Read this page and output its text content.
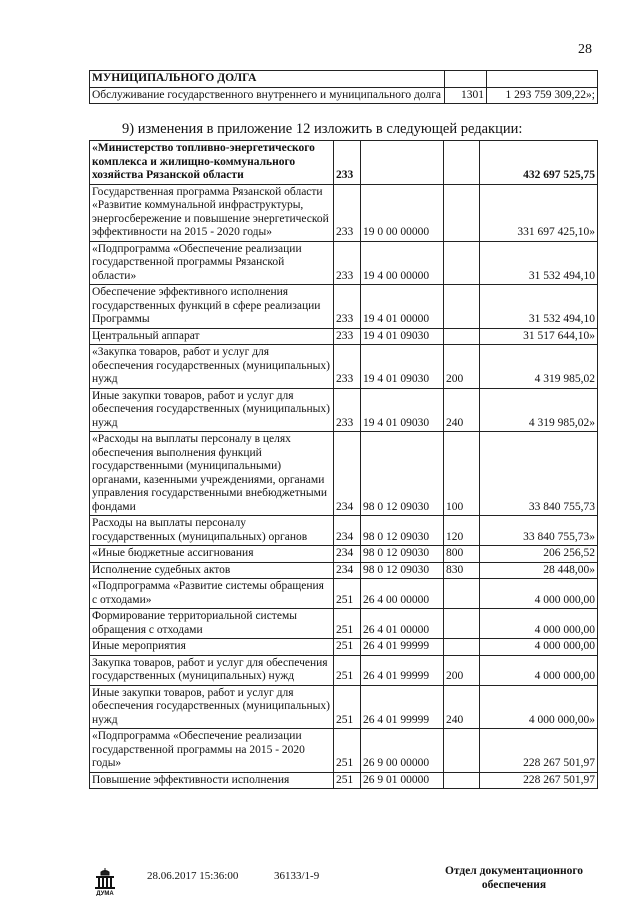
28
МУНИЦИПАЛЬНОГО ДОЛГА		
Обслуживание государственного внутреннего и муниципального долга	1301	1 293 759 309,22»;
9) изменения в приложение 12 изложить в следующей редакции:
«Министерство топливно-энергетического комплекса и жилищно-коммунального хозяйства Рязанской области	233			432 697 525,75
Государственная программа Рязанской области «Развитие коммунальной инфраструктуры, энергосбережение и повышение энергетической эффективности на 2015 - 2020 годы»	233	19 0 00 00000		331 697 425,10»
«Подпрограмма «Обеспечение реализации государственной программы Рязанской области»	233	19 4 00 00000		31 532 494,10
Обеспечение эффективного исполнения государственных функций в сфере реализации Программы	233	19 4 01 00000		31 532 494,10
Центральный аппарат	233	19 4 01 09030		31 517 644,10»
«Закупка товаров, работ и услуг для обеспечения государственных (муниципальных) нужд	233	19 4 01 09030	200	4 319 985,02
Иные закупки товаров, работ и услуг для обеспечения государственных (муниципальных) нужд	233	19 4 01 09030	240	4 319 985,02»
«Расходы на выплаты персоналу в целях обеспечения выполнения функций государственными (муниципальными) органами, казенными учреждениями, органами управления государственными внебюджетными фондами	234	98 0 12 09030	100	33 840 755,73
Расходы на выплаты персоналу государственных (муниципальных) органов	234	98 0 12 09030	120	33 840 755,73»
«Иные бюджетные ассигнования	234	98 0 12 09030	800	206 256,52
Исполнение судебных актов	234	98 0 12 09030	830	28 448,00»
«Подпрограмма «Развитие системы обращения с отходами»	251	26 4 00 00000		4 000 000,00
Формирование территориальной системы обращения с отходами	251	26 4 01 00000		4 000 000,00
Иные мероприятия	251	26 4 01 99999		4 000 000,00
Закупка товаров, работ и услуг для обеспечения государственных (муниципальных) нужд	251	26 4 01 99999	200	4 000 000,00
Иные закупки товаров, работ и услуг для обеспечения государственных (муниципальных) нужд	251	26 4 01 99999	240	4 000 000,00»
«Подпрограмма «Обеспечение реализации государственной программы на 2015 - 2020 годы»	251	26 9 00 00000		228 267 501,97
Повышение эффективности исполнения	251	26 9 01 00000		228 267 501,97
ДУМА
28.06.2017 15:36:00	36133/1-9	Отдел документационного
обеспечения
